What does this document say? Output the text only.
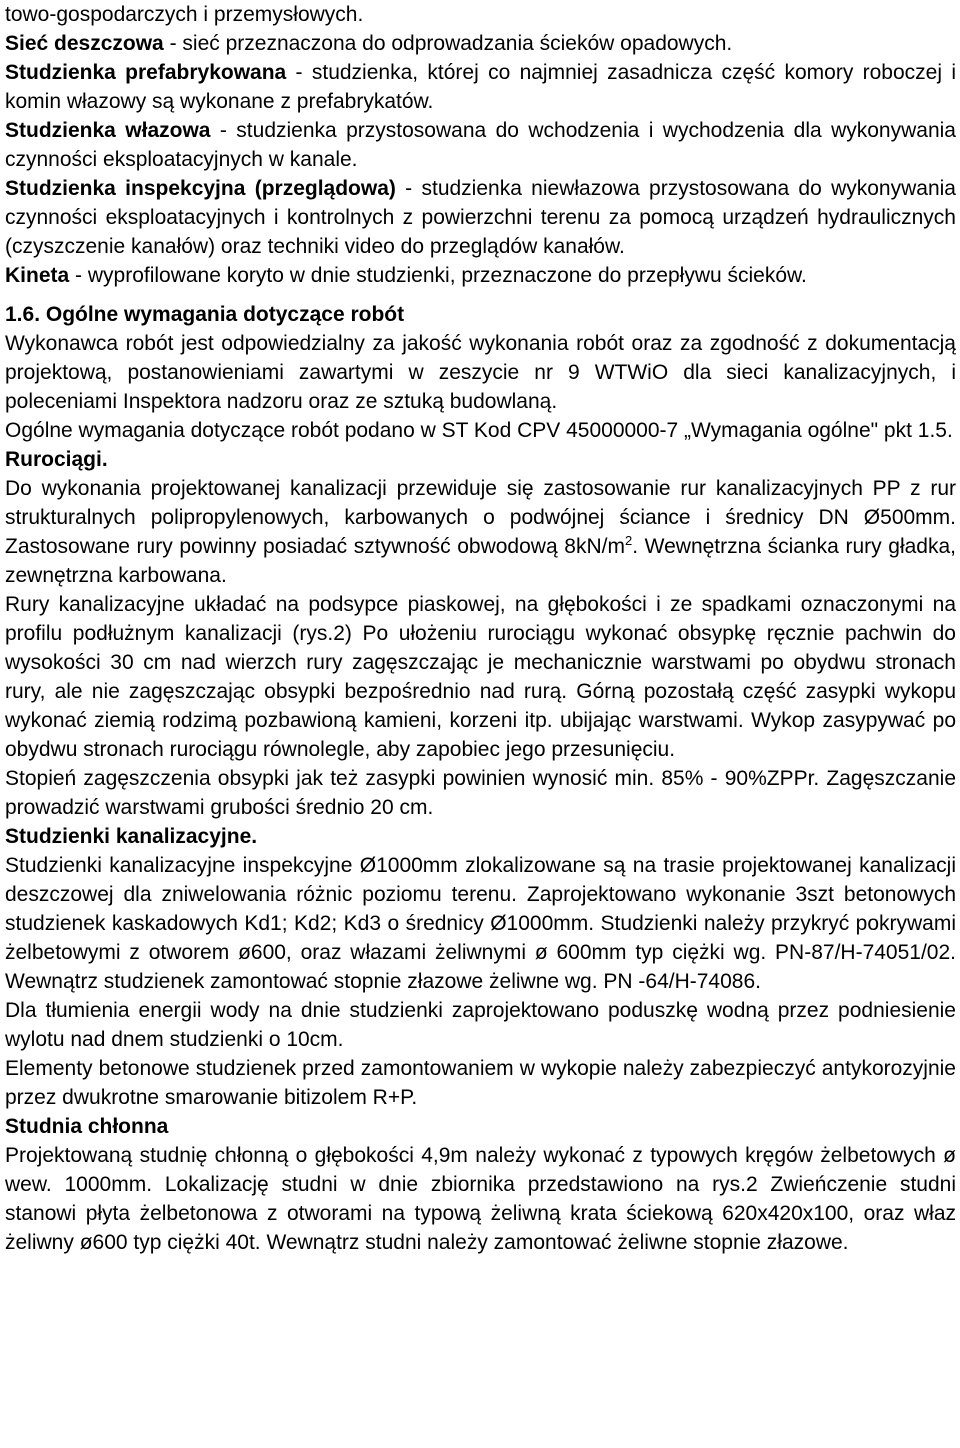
towo-gospodarczych i przemysłowych.

Sieć deszczowa - sieć przeznaczona do odprowadzania ścieków opadowych.

Studzienka prefabrykowana - studzienka, której co najmniej zasadnicza część komory roboczej i komin włazowy są wykonane z prefabrykatów.

Studzienka włazowa - studzienka przystosowana do wchodzenia i wychodzenia dla wykonywania czynności eksploatacyjnych w kanale.

Studzienka inspekcyjna (przeglądowa) - studzienka niewłazowa przystosowana do wykonywania czynności eksploatacyjnych i kontrolnych z powierzchni terenu za pomocą urządzeń hydraulicznych (czyszczenie kanałów) oraz techniki video do przeglądów kanałów.

Kineta - wyprofilowane koryto w dnie studzienki, przeznaczone do przepływu ścieków.

1.6. Ogólne wymagania dotyczące robót

Wykonawca robót jest odpowiedzialny za jakość wykonania robót oraz za zgodność z dokumentacją projektową, postanowieniami zawartymi w zeszycie nr 9 WTWiO dla sieci kanalizacyjnych, i poleceniami Inspektora nadzoru oraz ze sztuką budowlaną.

Ogólne wymagania dotyczące robót podano w ST Kod CPV 45000000-7 „Wymagania ogólne" pkt 1.5.

Rurociągi.

Do wykonania projektowanej kanalizacji przewiduje się zastosowanie rur kanalizacyjnych PP z rur strukturalnych polipropylenowych, karbowanych o podwójnej ściance i średnicy DN Ø500mm. Zastosowane rury powinny posiadać sztywność obwodową $8kN/m^2$. Wewnętrzna ścianka rury gładka, zewnętrzna karbowana.

Rury kanalizacyjne układać na podsypce piaskowej, na głębokości i ze spadkami oznaczonymi na profilu podłużnym kanalizacji (rys.2) Po ułożeniu rurociągu wykonać obsypkę ręcznie pachwin do wysokości 30 cm nad wierzch rury zagęszczając je mechanicznie warstwami po obydwu stronach rury, ale nie zagęszczając obsypki bezpośrednio nad rurą. Górną pozostałą część zasypki wykopu wykonać ziemią rodzimą pozbawioną kamieni, korzeni itp. ubijając warstwami. Wykop zasypywać po obydwu stronach rurociągu równolegle, aby zapobiec jego przesunięciu.

Stopień zagęszczenia obsypki jak też zasypki powinien wynosić min. 85% - 90%ZPPr. Zagęszczanie prowadzić warstwami grubości średnio 20 cm.

Studzienki kanalizacyjne.

Studzienki kanalizacyjne inspekcyjne Ø1000mm zlokalizowane są na trasie projektowanej kanalizacji deszczowej dla zniwelowania różnic poziomu terenu. Zaprojektowano wykonanie 3szt betonowych studzienek kaskadowych Kd1; Kd2; Kd3 o średnicy Ø1000mm. Studzienki należy przykryć pokrywami żelbetowymi z otworem ø600, oraz włazami żeliwnymi ø 600mm typ ciężki wg. PN-87/H-74051/02. Wewnątrz studzienek zamontować stopnie złazowe żeliwne wg. PN -64/H-74086.

Dla tłumienia energii wody na dnie studzienki zaprojektowano poduszkę wodną przez podniesienie wylotu nad dnem studzienki o 10cm.

Elementy betonowe studzienek przed zamontowaniem w wykopie należy zabezpieczyć antykorozyjnie przez dwukrotne smarowanie bitizolem R+P.

Studnia chłonna

Projektowaną studnię chłonną o głębokości 4,9m należy wykonać z typowych kręgów żelbetowych ø wew. 1000mm. Lokalizację studni w dnie zbiornika przedstawiono na rys.2 Zwieńczenie studni stanowi płyta żelbetonowa z otworami na typową żeliwną krata ściekową 620x420x100, oraz właz żeliwny ø600 typ ciężki 40t. Wewnątrz studni należy zamontować żeliwne stopnie złazowe.
